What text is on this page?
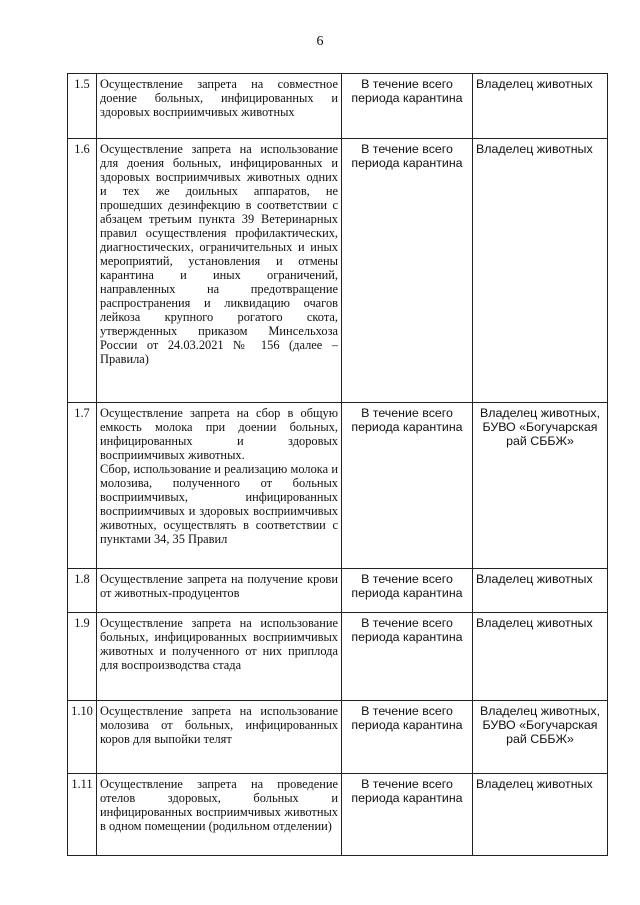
6
1.5	Осуществление запрета на совместное доение больных, инфицированных и здоровых восприимчивых животных	В течение всего периода карантина	Владелец животных
1.6	Осуществление запрета на использование для доения больных, инфицированных и здоровых восприимчивых животных одних и тех же доильных аппаратов, не прошедших дезинфекцию в соответствии с абзацем третьим пункта 39 Ветеринарных правил осуществления профилактических, диагностических, ограничительных и иных мероприятий, установления и отмены карантина и иных ограничений, направленных на предотвращение распространения и ликвидацию очагов лейкоза крупного рогатого скота, утвержденных приказом Минсельхоза России от 24.03.2021 № 156 (далее – Правила)	В течение всего периода карантина	Владелец животных
1.7	Осуществление запрета на сбор в общую емкость молока при доении больных, инфицированных и здоровых восприимчивых животных.
Сбор, использование и реализацию молока и молозива, полученного от больных восприимчивых, инфицированных восприимчивых и здоровых восприимчивых животных, осуществлять в соответствии с пунктами 34, 35 Правил	В течение всего периода карантина	Владелец животных, БУВО «Богучарская рай СББЖ»
1.8	Осуществление запрета на получение крови от животных-продуцентов	В течение всего периода карантина	Владелец животных
1.9	Осуществление запрета на использование больных, инфицированных восприимчивых животных и полученного от них приплода для воспроизводства стада	В течение всего периода карантина	Владелец животных
1.10	Осуществление запрета на использование молозива от больных, инфицированных коров для выпойки телят	В течение всего периода карантина	Владелец животных, БУВО «Богучарская рай СББЖ»
1.11	Осуществление запрета на проведение отелов здоровых, больных и инфицированных восприимчивых животных в одном помещении (родильном отделении)	В течение всего периода карантина	Владелец животных
